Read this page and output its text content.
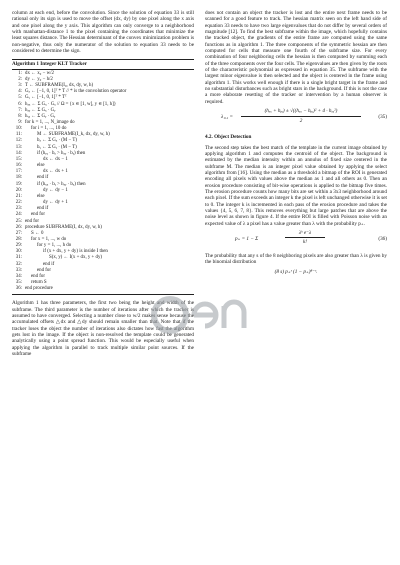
column at each end, before the convolution. Since the solution of equation 33 is still rational only its sign is used to move the offset (dx, dy) by one pixel along the x axis and one pixel along the y axis. This algorithm can only converge to a neighborhood with manhattan-distance 1 to the pixel containing the coordinates that minimize the least squares distance. The Hessian determinant of the convex minimization problem is non-negative, thus only the numerator of the solution to equation 33 needs to be considered to determine the sign.

Algorithm 1 Integer KLT Tracker
1: dx ← x₀ − w/2
2: dy ← y₀ − h/2
3: T ← SUBFRAME(I₀, dx, dy, w, h)
4: Gₓ ← [−1, 0, 1]ᵀ * T // * is the convolution operator
5: Gᵧ ← [−1, 0, 1]ᵀ * Tᵀ
6: hₓₓ ← Σ Gₓ · Gₓ // Ω = {x ∈ [1, w], y ∈ [1, h]}
7: hₓᵧ ← Σ Gₓ · Gᵧ
8: hᵧᵧ ← Σ Gᵧ · Gᵧ
9: for k = 1, ..., N_image do
10:	for i = 1, ..., 10 do
11:	M ← SUBFRAME(I_k, dx, dy, w, h)
12:	bₓ ← Σ Gₓ · (M − T)
13:	bᵧ ← Σ Gᵧ · (M − T)
14:	if (hᵧᵧ · bₓ > hₓᵧ · bᵧ) then
15:	dx ← dx − 1
16:	else
17:	dx ← dx + 1
18:	end if
19:	if (hₓₓ · bᵧ > hₓᵧ · bₓ) then
20:	dy ← dy − 1
21:	else
22:	dy ← dy + 1
23:	end if
24:	end for
25: end for
26: procedure SUBFRAME(I, dx, dy, w, h)
27:	S ← 0
28:	for x = 1, ..., w do
29:	for y = 1, ..., h do
30:	if (x + dx, y + dy) is inside I then
31:	S(x, y) ← I(x + dx, y + dy)
32:	end if
33:	end for
34:	end for
35:	return S
36: end procedure

Algorithm 1 has three parameters, the first two being the height and width of the subframe. The third parameter is the number of iterations after which the tracker is assumed to have converged. Selecting a number close to w/2 makes sense because the accumulated offsets △dx and △dy should remain smaller than that. Note that if the tracker loses the object the number of iterations also dictates how fast the algorithm gets lost in the image. If the object is non-resolved the template could be generated analytically using a point spread function. This would be especially useful when applying the algorithm in parallel to track multiple similar point sources. If the subframe

does not contain an object the tracker is lost and the entire next frame needs to be scanned for a good feature to track. The hessian matrix seen on the left hand side of equation 33 needs to have two large eigenvalues that do not differ by several orders of magnitude [12]. To find the best subframe within the image, which hopefully contains the tracked object, the gradients of the entire frame are computed using the same functions as in algorithm 1. The three components of the symmetric hessian are then computed for cells that measure one fourth of the subframe size. For every combination of four neighboring cells the hessian is then computed by summing each of the three components over the four cells. The eigenvalues are then given by the roots of the characteristic polynomial as expressed in equation 35. The subframe with the largest minor eigenvalue is then selected and the object is centered in the frame using algorithm 1. This works well enough if there is a single bright target in the frame and no substantial disturbances such as bright stars in the background. If this is not the case a more elaborate resetting of the tracker or intervention by a human observer is required.

λ₁,₂ =
(hₓₓ + hᵧᵧ) ± √((hₓₓ − hᵧᵧ)² + 4 · hₓᵧ²)
2
(35)
4.2. Object Detection

The second step takes the best match of the template in the current image obtained by applying algorithm 1 and computes the centroid of the object. The background is estimated by the median intensity within an annulus of fixed size centered in the subframe M. The median is an integer pixel value obtained by applying the select algorithm from [16]. Using the median as a threshold a bitmap of the ROI is generated encoding all pixels with values above the median as 1 and all others as 0. Then an erosion procedure consisting of bit-wise operations is applied to the bitmap five times. The erosion procedure counts how many bits are set within a 3x3 neighborhood around each pixel. If the sum exceeds an integer k the pixel is left unchanged otherwise it is set to 0. The integer k is incremented in each pass of the erosion procedure and takes the values {4, 5, 6, 7, 8}. This removes everything but large patches that are above the noise level as shown in figure 4. If the entire ROI is filled with Poisson noise with an expected value of λ a pixel has a value greater than λ with the probability p₊.

p₊ = 1 − Σ
λᵏ e⁻λ
k!
(36)

The probability that any s of the 8 neighboring pixels are also greater than λ is given by the binomial distribution

(8 s) p₊ˢ (1 − p₊)⁸⁻ˢ.
